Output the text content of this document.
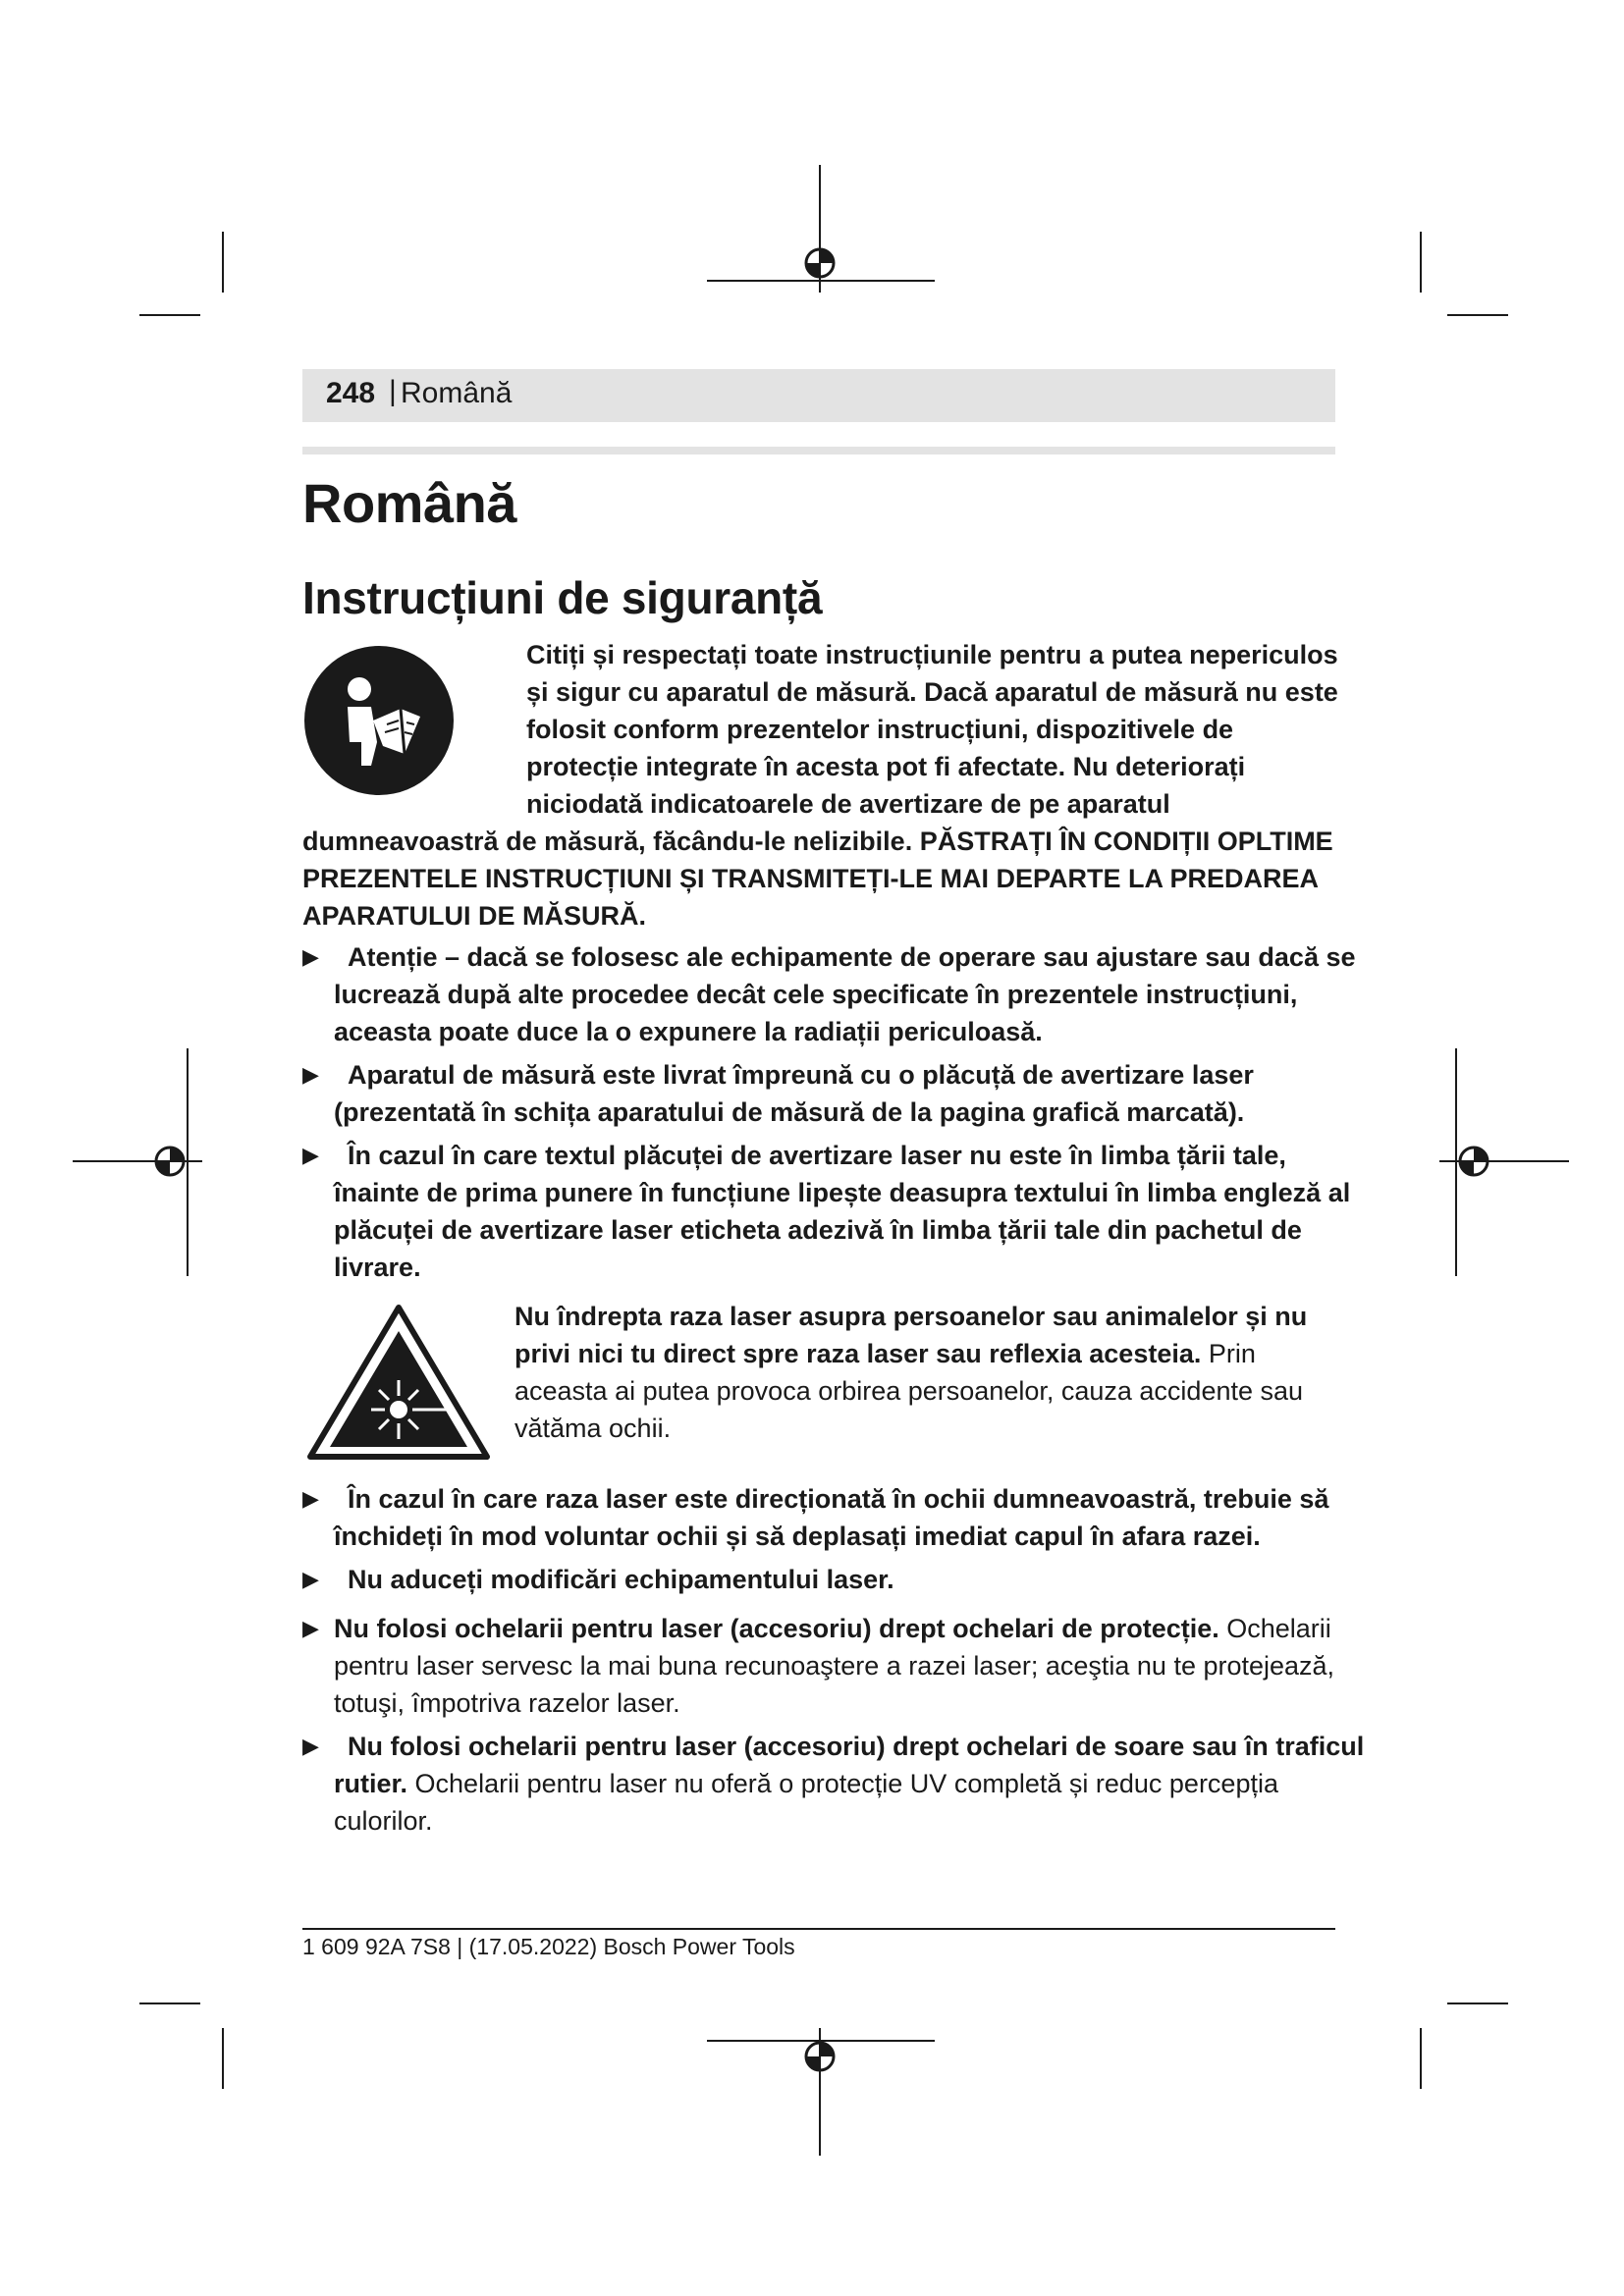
248 | Română
Română
Instrucțiuni de siguranță
Citiți și respectați toate instrucțiunile pentru a putea nepericulos
și sigur cu aparatul de măsură. Dacă aparatul de măsură nu este
folosit conform prezentelor instrucțiuni, dispozitivele de
protecție integrate în acesta pot fi afectate. Nu deteriorați
niciodată indicatoarele de avertizare de pe aparatul
dumneavoastră de măsură, făcându-le nelizibile. PĂSTRAȚI ÎN CONDIȚII OPLTIME
PREZENTELE INSTRUCȚIUNI ȘI TRANSMITEȚI-LE MAI DEPARTE LA PREDAREA
APARATULUI DE MĂSURĂ.
▶ Atenție – dacă se folosesc ale echipamente de operare sau ajustare sau dacă se
lucrează după alte procedee decât cele specificate în prezentele instrucțiuni,
aceasta poate duce la o expunere la radiații periculoasă.
▶ Aparatul de măsură este livrat împreună cu o plăcuță de avertizare laser
(prezentată în schița aparatului de măsură de la pagina grafică marcată).
▶ În cazul în care textul plăcuței de avertizare laser nu este în limba țării tale,
înainte de prima punere în funcțiune lipește deasupra textului în limba engleză al
plăcuței de avertizare laser eticheta adezivă în limba țării tale din pachetul de
livrare.
Nu îndrepta raza laser asupra persoanelor sau animalelor și nu
privi nici tu direct spre raza laser sau reflexia acesteia. Prin
aceasta ai putea provoca orbirea persoanelor, cauza accidente sau
vătăma ochii.
▶ În cazul în care raza laser este direcționată în ochii dumneavoastră, trebuie să
închideți în mod voluntar ochii și să deplasați imediat capul în afara razei.
▶ Nu aduceți modificări echipamentului laser.
▶ Nu folosi ochelarii pentru laser (accesoriu) drept ochelari de protecție. Ochelarii
pentru laser servesc la mai buna recunoaştere a razei laser; aceştia nu te protejează,
totuşi, împotriva razelor laser.
▶ Nu folosi ochelarii pentru laser (accesoriu) drept ochelari de soare sau în traficul
rutier. Ochelarii pentru laser nu oferă o protecție UV completă și reduc percepția
culorilor.
1 609 92A 7S8 | (17.05.2022) Bosch Power Tools
